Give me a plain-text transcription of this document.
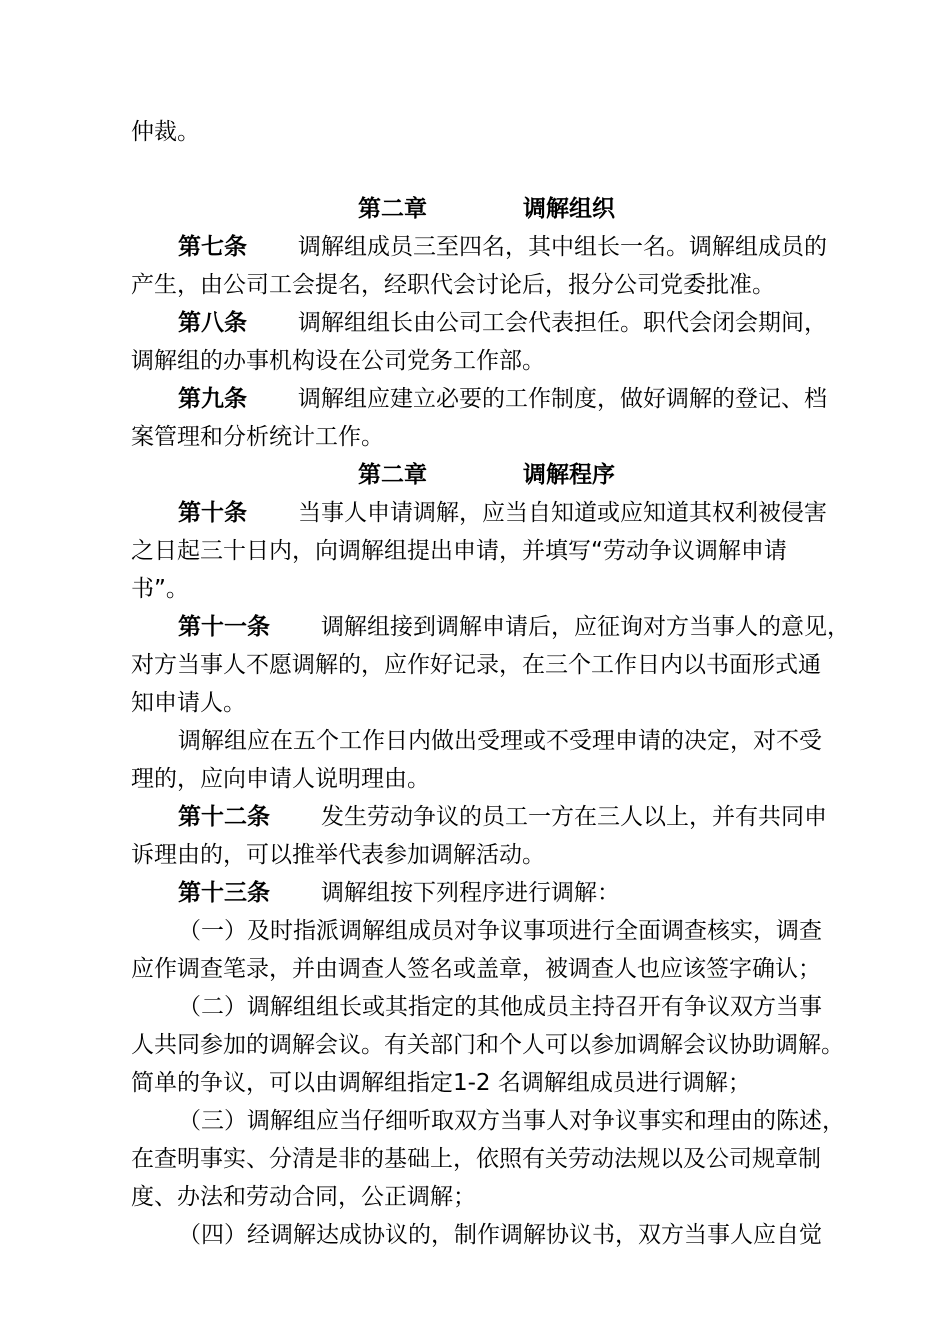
仲裁。
第二章	调解组织
第七条 调解组成员三至四名，其中组长一名。调解组成员的
产生，由公司工会提名，经职代会讨论后，报分公司党委批准。
第八条 调解组组长由公司工会代表担任。职代会闭会期间，
调解组的办事机构设在公司党务工作部。
第九条 调解组应建立必要的工作制度，做好调解的登记、档
案管理和分析统计工作。
第二章	调解程序
第十条 当事人申请调解，应当自知道或应知道其权利被侵害
之日起三十日内，向调解组提出申请，并填写“劳动争议调解申请
书”。
第十一条 调解组接到调解申请后，应征询对方当事人的意见，
对方当事人不愿调解的，应作好记录，在三个工作日内以书面形式通
知申请人。
调解组应在五个工作日内做出受理或不受理申请的决定，对不受
理的，应向申请人说明理由。
第十二条 发生劳动争议的员工一方在三人以上，并有共同申
诉理由的，可以推举代表参加调解活动。
第十三条 调解组按下列程序进行调解：
（一）及时指派调解组成员对争议事项进行全面调查核实，调查
应作调查笔录，并由调查人签名或盖章，被调查人也应该签字确认；
（二）调解组组长或其指定的其他成员主持召开有争议双方当事
人共同参加的调解会议。有关部门和个人可以参加调解会议协助调解。
简单的争议，可以由调解组指定1-2 名调解组成员进行调解；
（三）调解组应当仔细听取双方当事人对争议事实和理由的陈述，
在查明事实、分清是非的基础上，依照有关劳动法规以及公司规章制
度、办法和劳动合同，公正调解；
（四）经调解达成协议的，制作调解协议书，双方当事人应自觉
